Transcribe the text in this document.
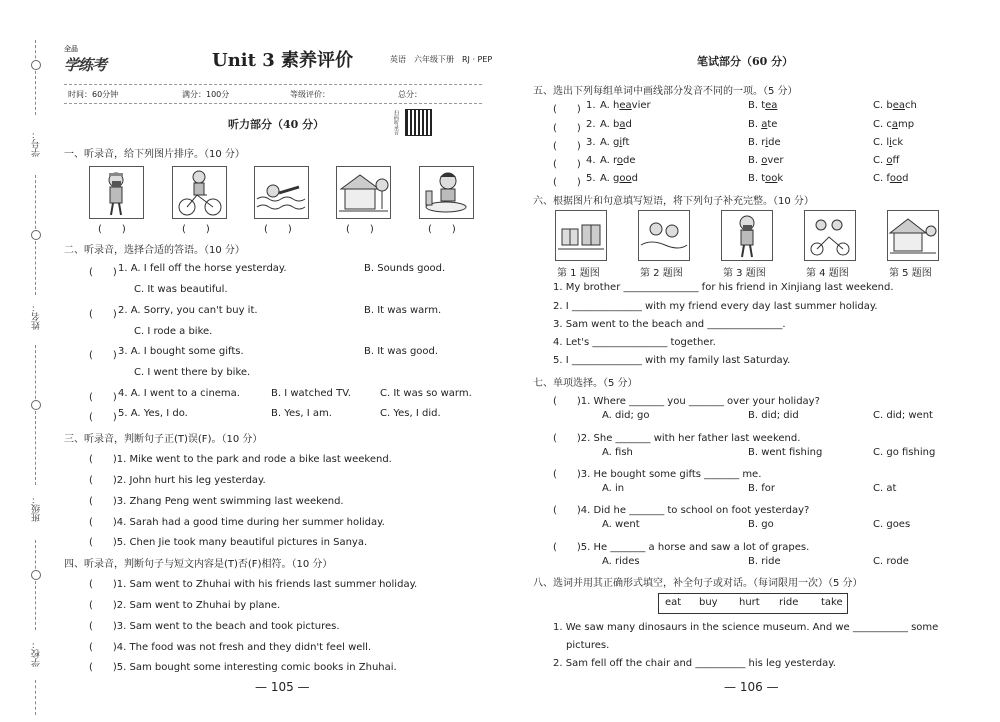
学号：
姓名：
班级：
学校：
全品
学练考	Unit 3 素养评价	英语　六年级下册　RJ · PEP
时间：60分钟	满分：100分	等级评价：	总分：
扫码听录音
听力部分（40 分）
一、听录音，给下列图片排序。（10 分）
(　　)	(　　)	(　　)	(　　)	(　　)
二、听录音，选择合适的答语。（10 分）
(　　) 1. A. I fell off the horse yesterday.	B. Sounds good.
C. It was beautiful.
(　　) 2. A. Sorry, you can't buy it.	B. It was warm.
C. I rode a bike.
(　　) 3. A. I bought some gifts.	B. It was good.
C. I went there by bike.
(　　) 4. A. I went to a cinema.	B. I watched TV.	C. It was so warm.
(　　) 5. A. Yes, I do.	B. Yes, I am.	C. Yes, I did.
三、听录音，判断句子正(T)误(F)。（10 分）
(　　)1. Mike went to the park and rode a bike last weekend.
(　　)2. John hurt his leg yesterday.
(　　)3. Zhang Peng went swimming last weekend.
(　　)4. Sarah had a good time during her summer holiday.
(　　)5. Chen Jie took many beautiful pictures in Sanya.
四、听录音，判断句子与短文内容是(T)否(F)相符。（10 分）
(　　)1. Sam went to Zhuhai with his friends last summer holiday.
(　　)2. Sam went to Zhuhai by plane.
(　　)3. Sam went to the beach and took pictures.
(　　)4. The food was not fresh and they didn't feel well.
(　　)5. Sam bought some interesting comic books in Zhuhai.
— 105 —
笔试部分（60 分）
五、选出下列每组单词中画线部分发音不同的一项。（5 分）
(　　) 1. A. heavier	B. tea	C. beach
(　　) 2. A. bad	B. ate	C. camp
(　　) 3. A. gift	B. ride	C. lick
(　　) 4. A. rode	B. over	C. off
(　　) 5. A. good	B. took	C. food
六、根据图片和句意填写短语，将下列句子补充完整。（10 分）
第 1 题图	第 2 题图	第 3 题图	第 4 题图	第 5 题图
1. My brother _______________ for his friend in Xinjiang last weekend.
2. I ______________ with my friend every day last summer holiday.
3. Sam went to the beach and _______________.
4. Let's _______________ together.
5. I ______________ with my family last Saturday.
七、单项选择。（5 分）
(　　)1. Where _______ you _______ over your holiday?
A. did; go	B. did; did	C. did; went
(　　)2. She _______ with her father last weekend.
A. fish	B. went fishing	C. go fishing
(　　)3. He bought some gifts _______ me.
A. in	B. for	C. at
(　　)4. Did he _______ to school on foot yesterday?
A. went	B. go	C. goes
(　　)5. He _______ a horse and saw a lot of grapes.
A. rides	B. ride	C. rode
八、选词并用其正确形式填空，补全句子或对话。（每词限用一次）（5 分）
eat buy hurt ride take
1. We saw many dinosaurs in the science museum. And we ___________ some
pictures.
2. Sam fell off the chair and __________ his leg yesterday.
— 106 —
